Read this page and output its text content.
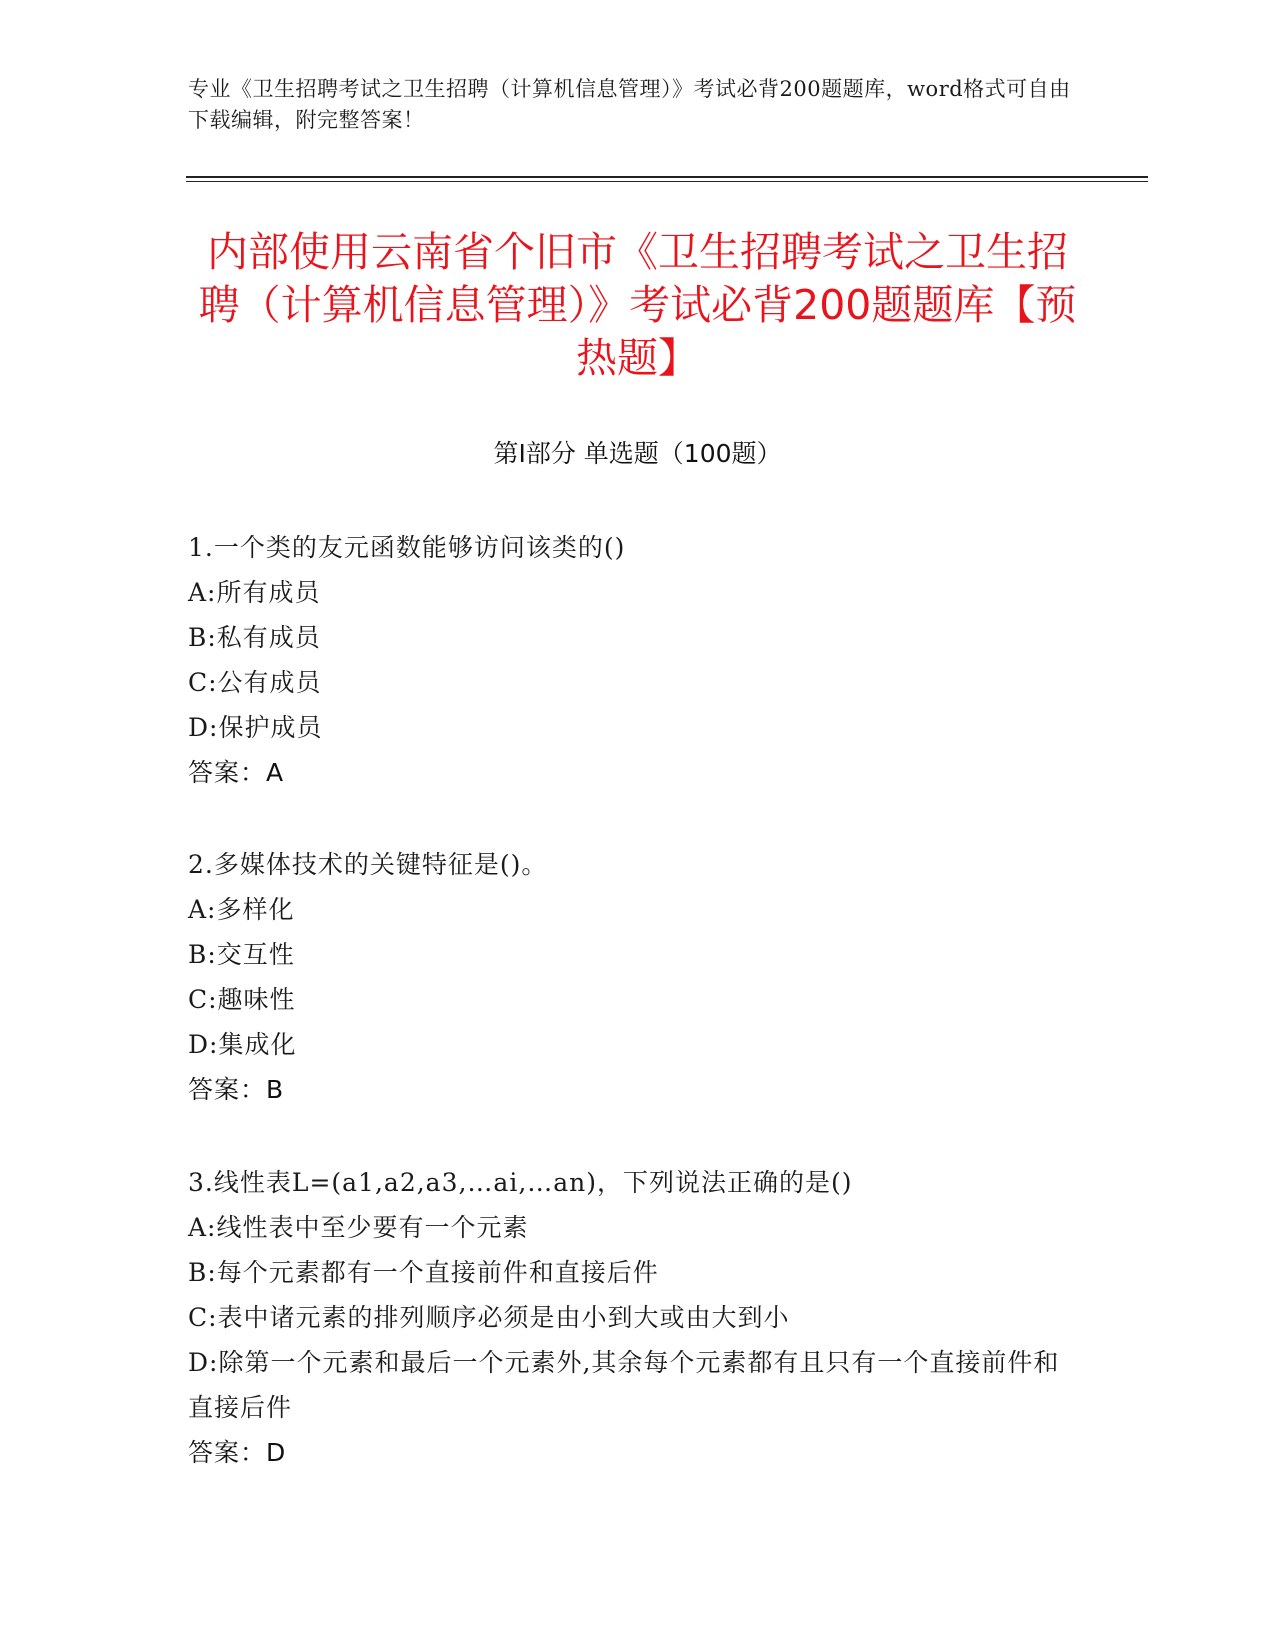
专业《卫生招聘考试之卫生招聘（计算机信息管理）》考试必背200题题库，word格式可自由下载编辑，附完整答案！
内部使用云南省个旧市《卫生招聘考试之卫生招聘（计算机信息管理）》考试必背200题题库【预热题】
第Ⅰ部分 单选题（100题）
1.一个类的友元函数能够访问该类的()
A:所有成员
B:私有成员
C:公有成员
D:保护成员
答案：A
2.多媒体技术的关键特征是()。
A:多样化
B:交互性
C:趣味性
D:集成化
答案：B
3.线性表L=(a1,a2,a3,…ai,…an)，下列说法正确的是()
A:线性表中至少要有一个元素
B:每个元素都有一个直接前件和直接后件
C:表中诸元素的排列顺序必须是由小到大或由大到小
D:除第一个元素和最后一个元素外,其余每个元素都有且只有一个直接前件和直接后件
答案：D
